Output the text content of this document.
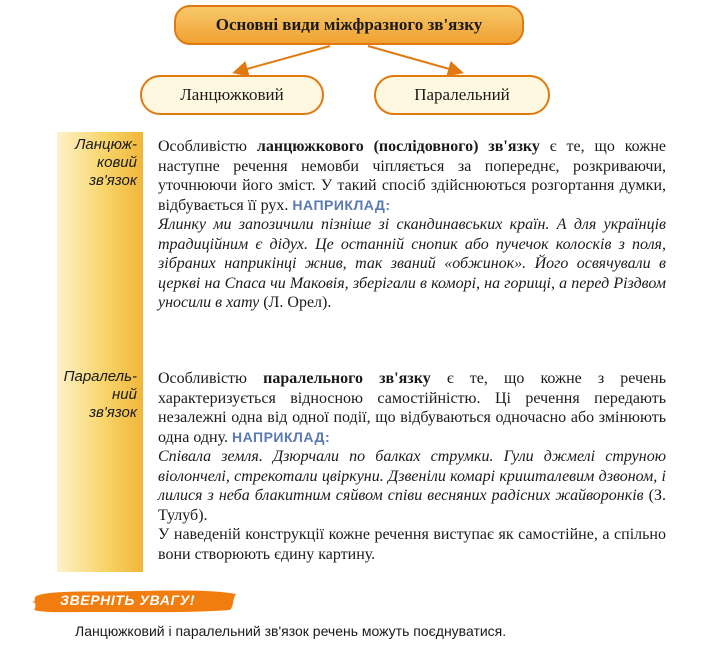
Основні види міжфразного зв'язку
Ланцюжковий	Паралельний
Ланцюж-
ковий
зв'язок
Паралель-
ний
зв'язок

Особливістю ланцюжкового (послідовного) зв'язку є те, що кожне наступне речення немовби чіпляється за попереднє, розкриваючи, уточнюючи його зміст. У такий спосіб здійснюються розгортання думки, відбувається її рух. НАПРИКЛАД:
Ялинку ми запозичили пізніше зі скандинавських країн. А для українців традиційним є дідух. Це останній снопик або пучечок колосків з поля, зібраних наприкінці жнив, так званий «обжинок». Його освячували в церкві на Спаса чи Маковія, зберігали в коморі, на горищі, а перед Різдвом уносили в хату (Л. Орел).

Особливістю паралельного зв'язку є те, що кожне з речень характеризується відносною самостійністю. Ці речення передають незалежні одна від одної події, що відбуваються одночасно або змінюють одна одну. НАПРИКЛАД:
Співала земля. Дзюрчали по балках струмки. Гули джмелі струною віолончелі, стрекотали цвіркуни. Дзвеніли комарі кришталевим дзвоном, і лилися з неба блакитним сяйвом співи весняних радісних жайворонків (З. Тулуб).
У наведеній конструкції кожне речення виступає як самостійне, а спільно вони створюють єдину картину.

ЗВЕРНІТЬ УВАГУ!
Ланцюжковий і паралельний зв'язок речень можуть поєднуватися.
